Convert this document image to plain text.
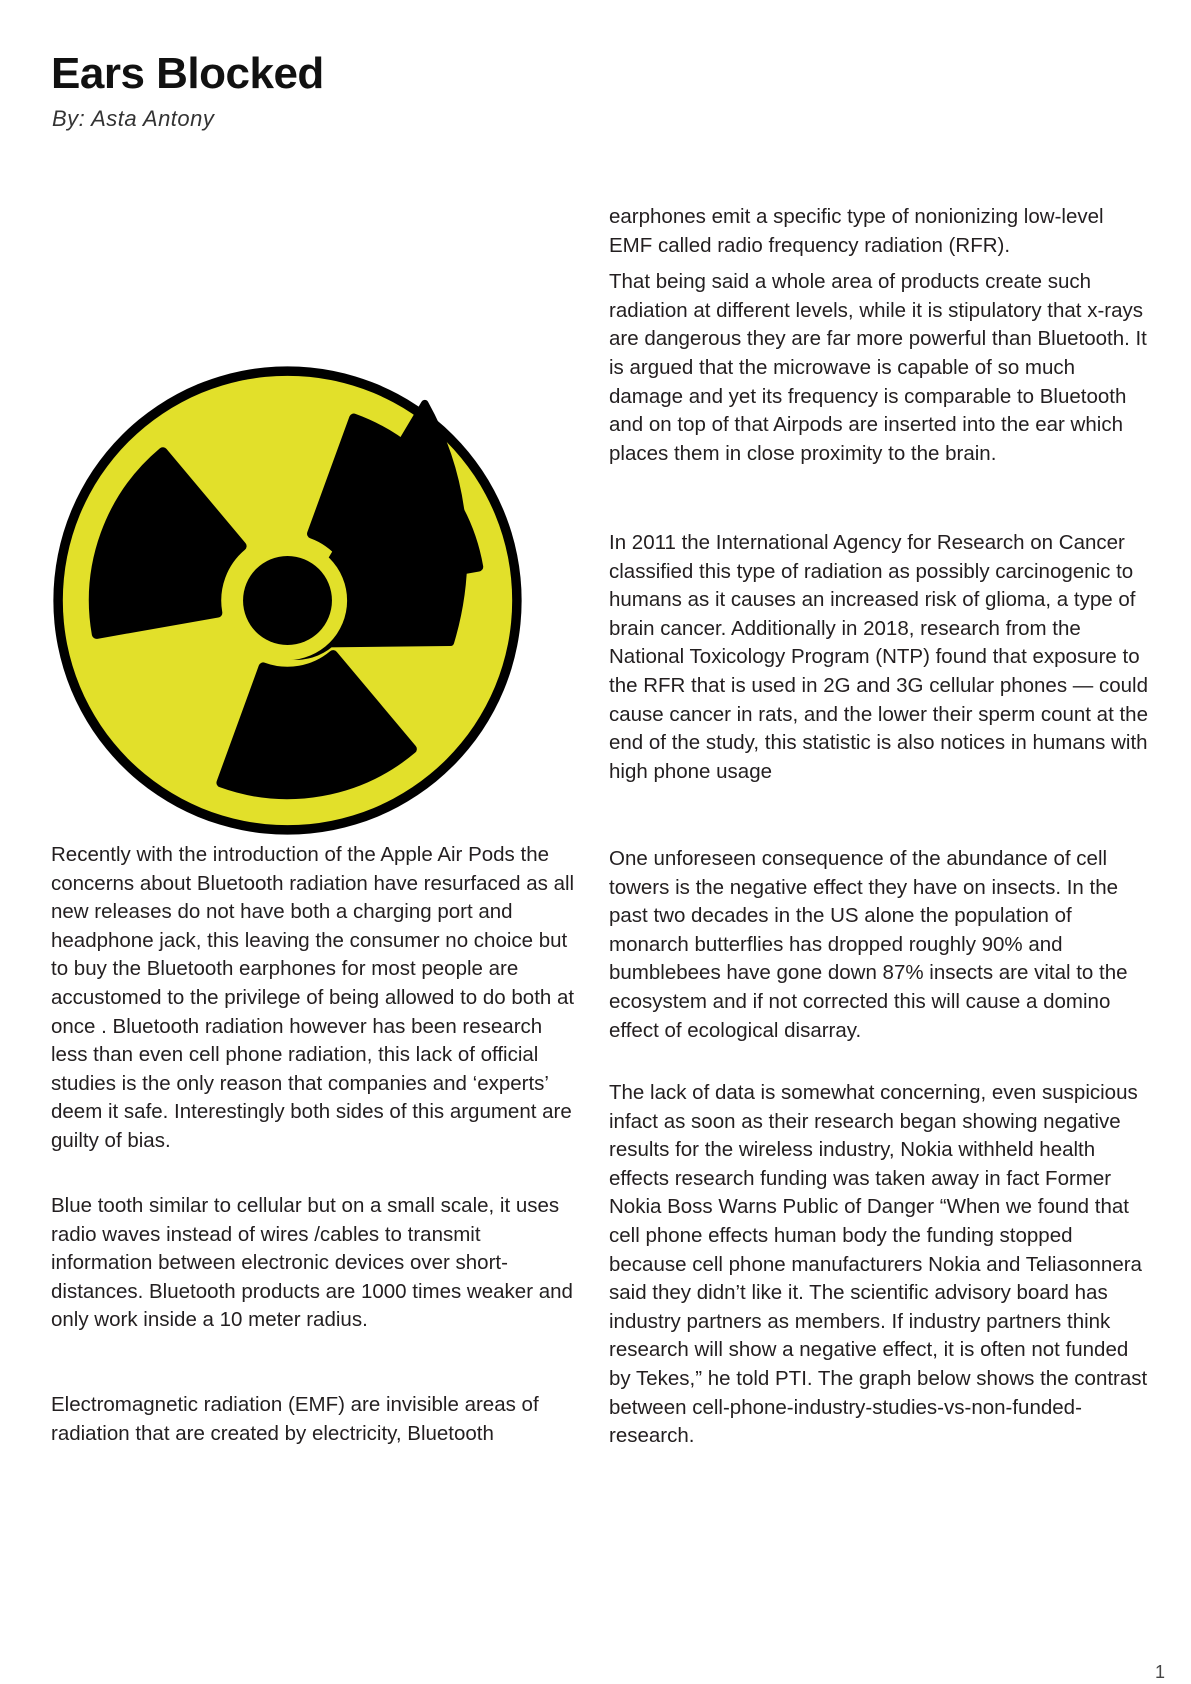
Ears Blocked

By: Asta Antony

earphones emit a specific type of nonionizing low-level EMF called radio frequency radiation (RFR).

That being said a whole area of products create such radiation at different levels, while it is stipulatory that x-rays are dangerous they are far more powerful than Bluetooth. It is argued that the microwave is capable of so much damage and yet its frequency is comparable to Bluetooth and on top of that Airpods are inserted into the ear which places them in close proximity to the brain.

In 2011 the International Agency for Research on Cancer classified this type of radiation as possibly carcinogenic to humans as it causes an increased risk of glioma, a type of brain cancer. Additionally in 2018, research from the National Toxicology Program (NTP) found that exposure to the RFR that is used in 2G and 3G cellular phones — could cause cancer in rats, and the lower their sperm count at the end of the study, this statistic is also notices in humans with high phone usage

One unforeseen consequence of the abundance of cell towers is the negative effect they have on insects. In the past two decades in the US alone the population of monarch butterflies has dropped roughly 90% and bumblebees have gone down 87% insects are vital to the ecosystem and if not corrected this will cause a domino effect of ecological disarray.

The lack of data is somewhat concerning, even suspicious infact as soon as their research began showing negative results for the wireless industry, Nokia withheld health effects research funding was taken away in fact Former Nokia Boss Warns Public of Danger “When we found that cell phone effects human body the funding stopped because cell phone manufacturers Nokia and Teliasonnera said they didn’t like it. The scientific advisory board has industry partners as members. If industry partners think research will show a negative effect, it is often not funded by Tekes,” he told PTI. The graph below shows the contrast between cell-phone-industry-studies-vs-non-funded-research.

Recently with the introduction of the Apple Air Pods the concerns about Bluetooth radiation have resurfaced as all new releases do not have both a charging port and headphone jack, this leaving the consumer no choice but to buy the Bluetooth earphones for most people are accustomed to the privilege of being allowed to do both at once . Bluetooth radiation however has been research less than even cell phone radiation, this lack of official studies is the only reason that companies and ‘experts’ deem it safe. Interestingly both sides of this argument are guilty of bias.

Blue tooth similar to cellular but on a small scale, it uses radio waves instead of wires /cables to transmit information between electronic devices over short-distances. Bluetooth products are 1000 times weaker and only work inside a 10 meter radius.

Electromagnetic radiation (EMF) are invisible areas of radiation that are created by electricity, Bluetooth

1
